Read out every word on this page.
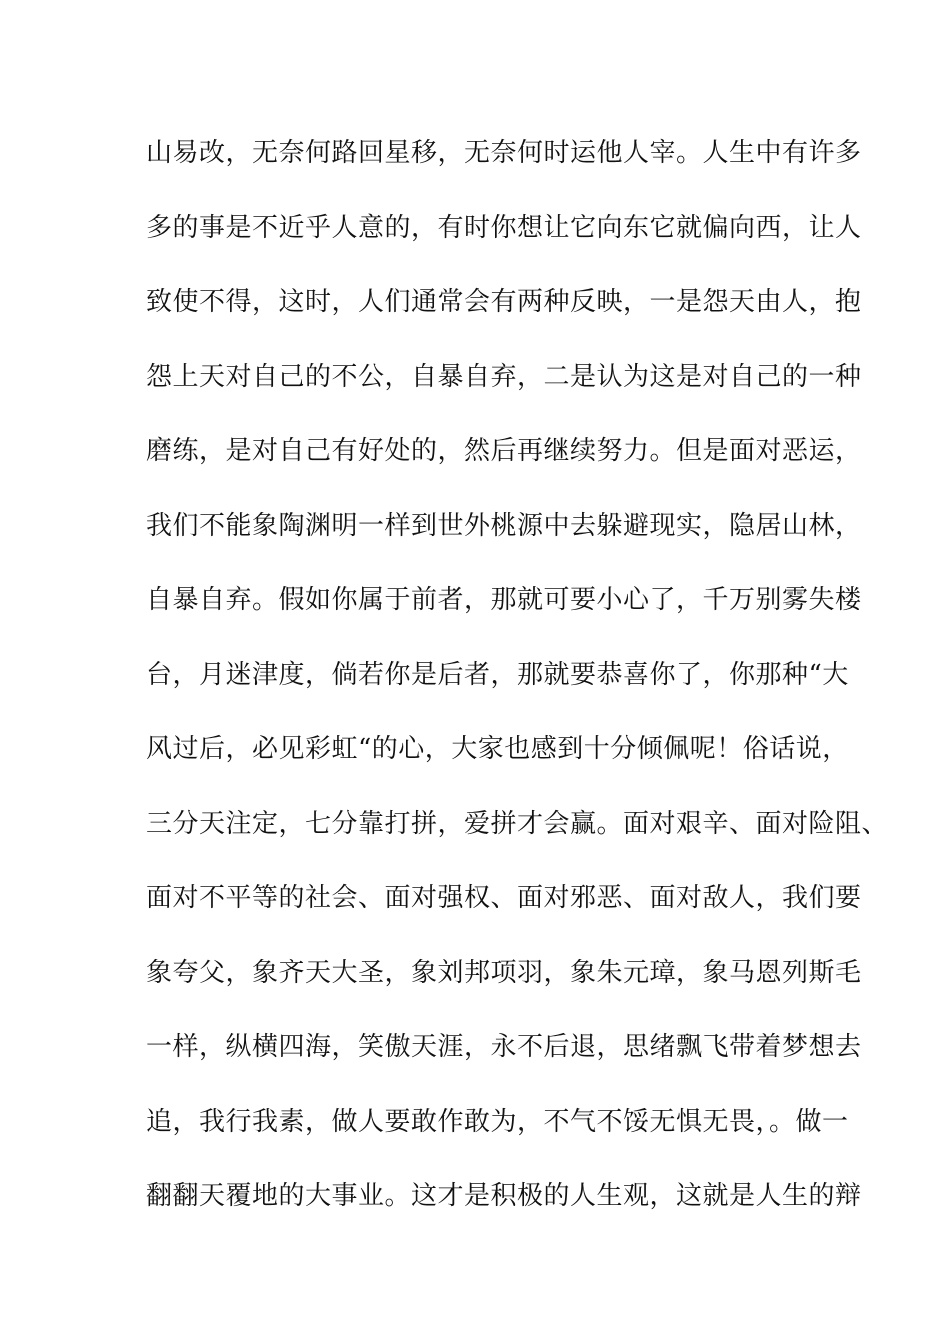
山易改，无奈何路回星移，无奈何时运他人宰。人生中有许多
多的事是不近乎人意的，有时你想让它向东它就偏向西，让人
致使不得，这时，人们通常会有两种反映，一是怨天由人，抱
怨上天对自己的不公，自暴自弃，二是认为这是对自己的一种
磨练，是对自己有好处的，然后再继续努力。但是面对恶运，
我们不能象陶渊明一样到世外桃源中去躲避现实，隐居山林，
自暴自弃。假如你属于前者，那就可要小心了，千万别雾失楼
台，月迷津度，倘若你是后者，那就要恭喜你了，你那种“大
风过后，必见彩虹“的心，大家也感到十分倾佩呢！俗话说，
三分天注定，七分靠打拼，爱拼才会赢。面对艰辛、面对险阻、
面对不平等的社会、面对强权、面对邪恶、面对敌人，我们要
象夸父，象齐天大圣，象刘邦项羽，象朱元璋，象马恩列斯毛
一样，纵横四海，笑傲天涯，永不后退，思绪飘飞带着梦想去
追，我行我素，做人要敢作敢为，不气不馁无惧无畏，。做一
翻翻天覆地的大事业。这才是积极的人生观，这就是人生的辩
